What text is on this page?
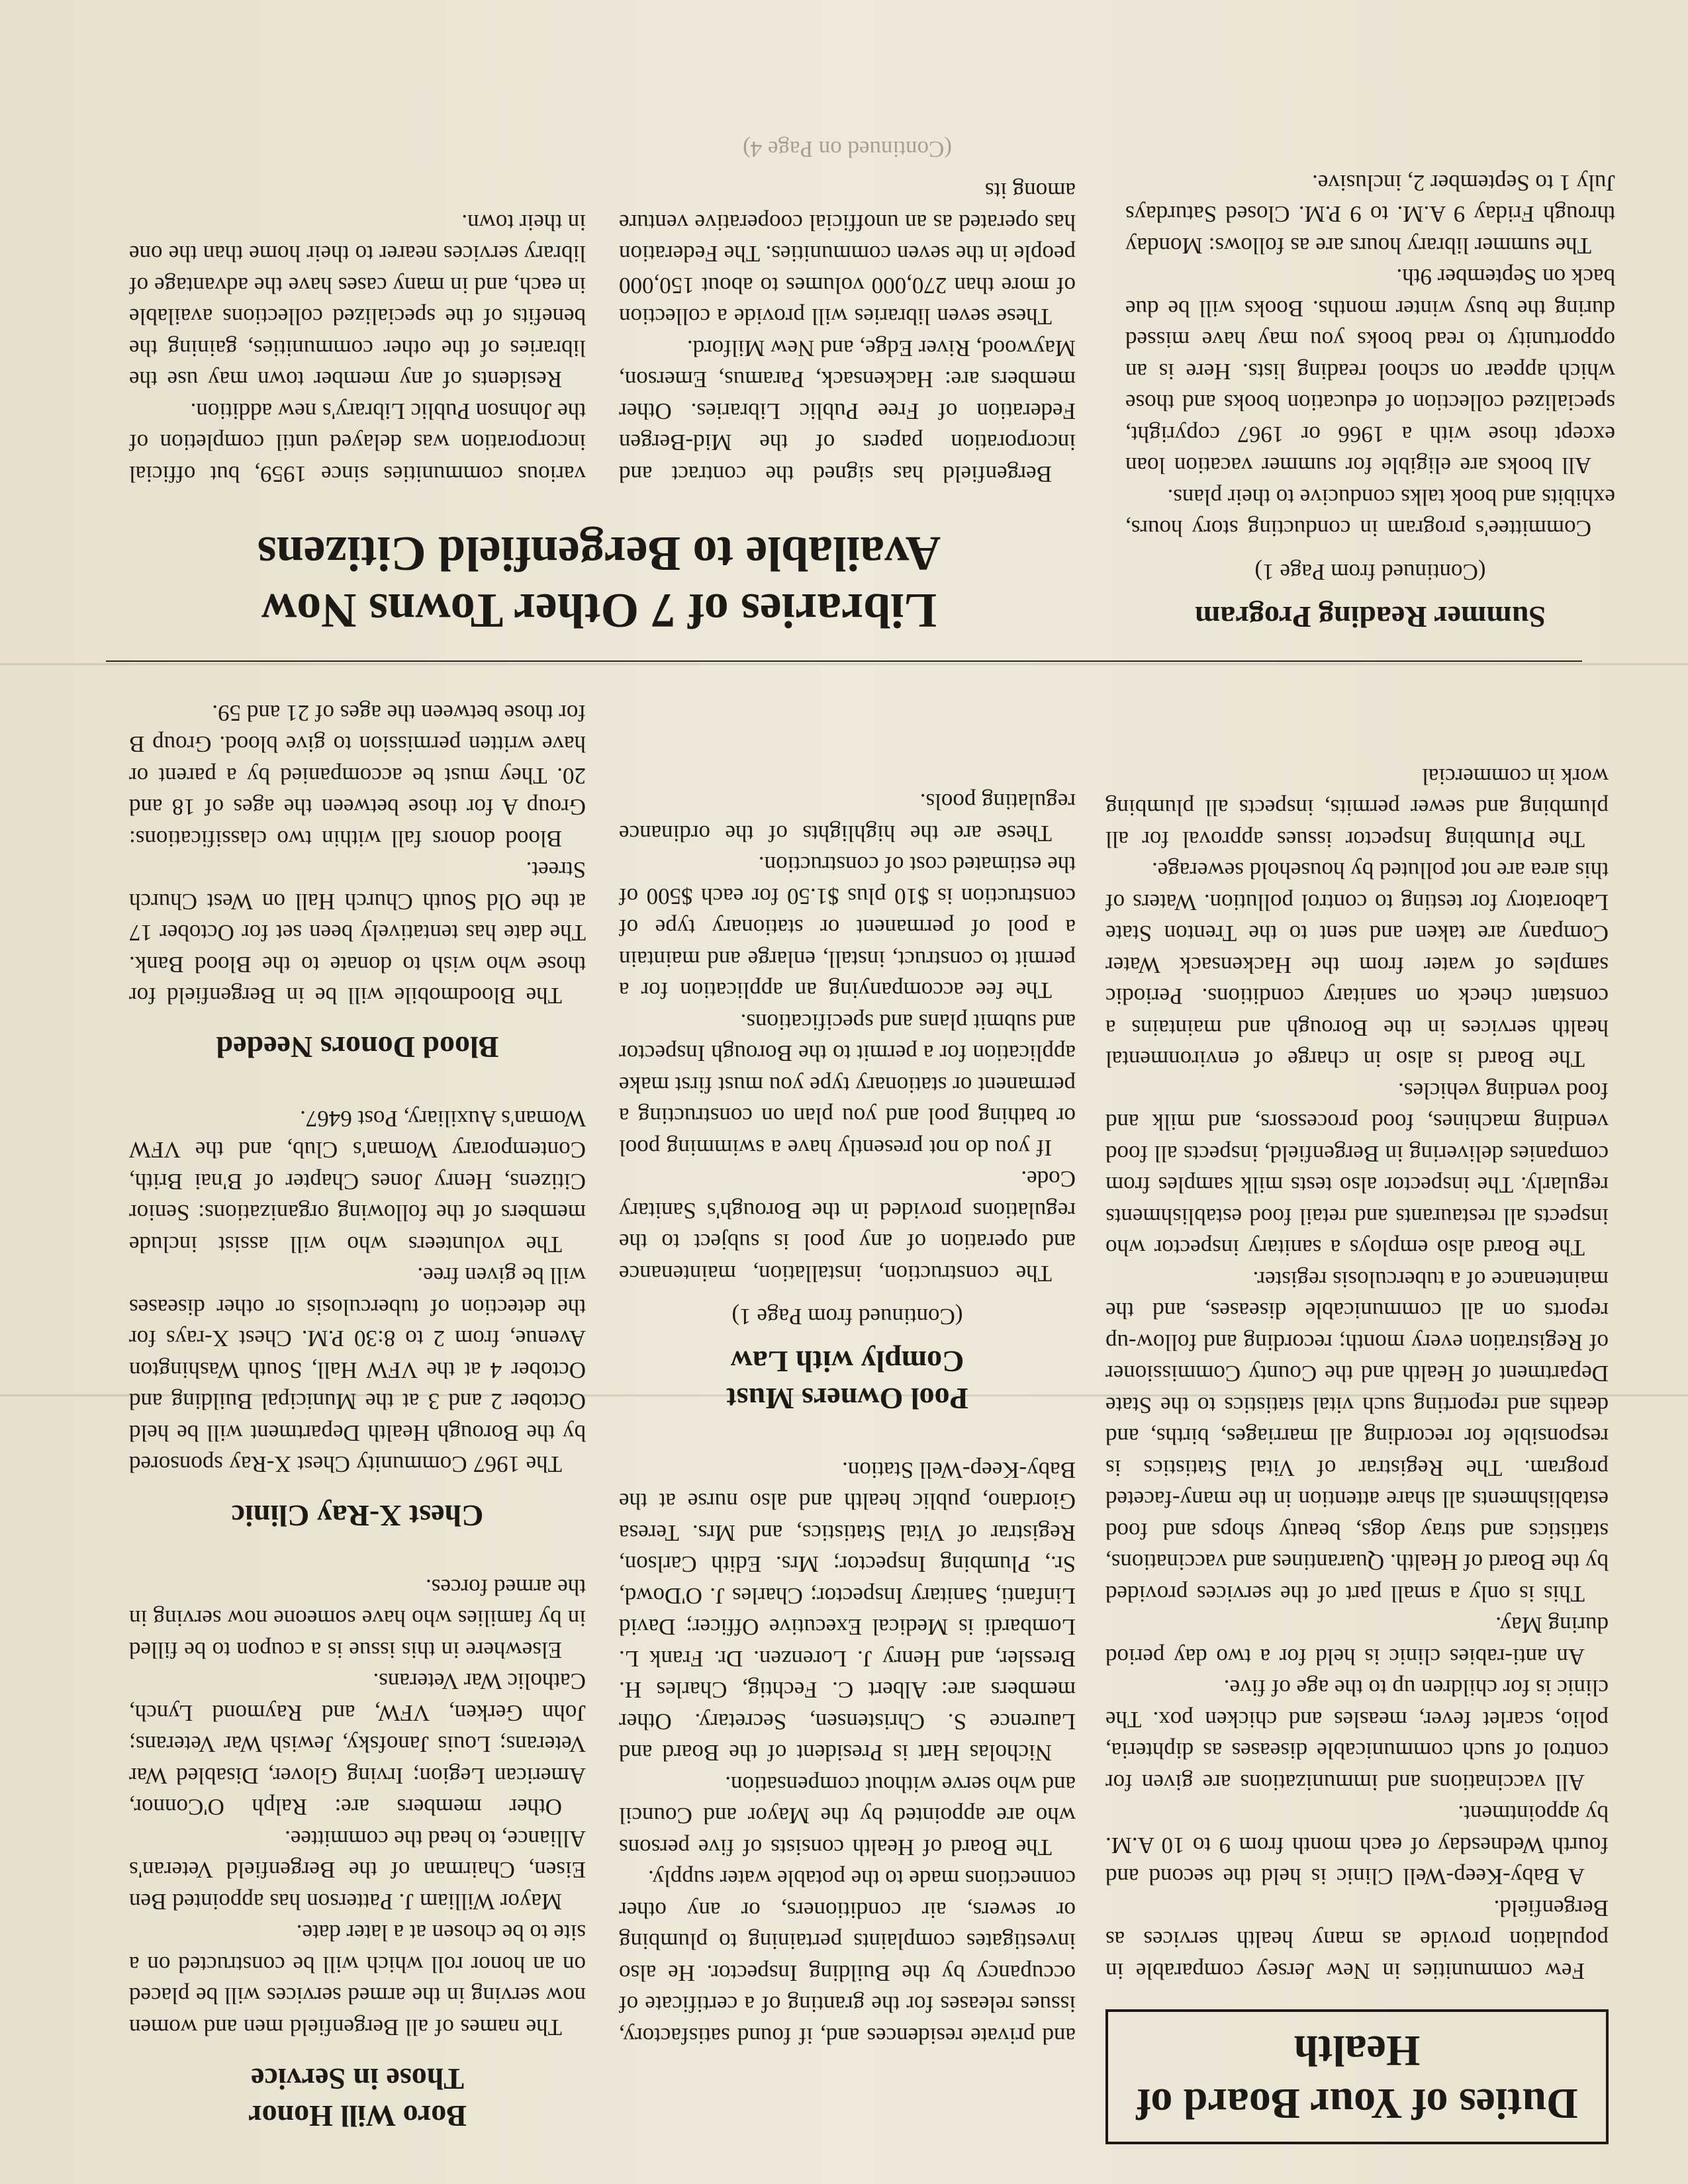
Duties of Your Board of Health

Few communities in New Jersey comparable in population provide as many health services as Bergenfield.

A Baby-Keep-Well Clinic is held the second and fourth Wednesday of each month from 9 to 10 A.M. by appointment.

All vaccinations and immunizations are given for control of such communicable diseases as diphteria, polio, scarlet fever, measles and chicken pox. The clinic is for children up to the age of five.

An anti-rabies clinic is held for a two day period during May.

This is only a small part of the services provided by the Board of Health. Quarantines and vaccinations, statistics and stray dogs, beauty shops and food establishments all share attention in the many-faceted program. The Registrar of Vital Statistics is responsible for recording all marriages, births, and deaths and reporting such vital statistics to the State Department of Health and the County Commissioner of Registration every month; recording and follow-up reports on all communicable diseases, and the maintenance of a tuberculosis register.

The Board also employs a sanitary inspector who inspects all restaurants and retail food establishments regularly. The inspector also tests milk samples from companies delivering in Bergenfield, inspects all food vending machines, food processors, and milk and food vending vehicles.

The Board is also in charge of environmental health services in the Borough and maintains a constant check on sanitary conditions. Periodic samples of water from the Hackensack Water Company are taken and sent to the Trenton State Laboratory for testing to control pollution. Waters of this area are not polluted by household sewerage.

The Plumbing Inspector issues approval for all plumbing and sewer permits, inspects all plumbing work in commercial

and private residences and, if found satisfactory, issues releases for the granting of a certificate of occupancy by the Building Inspector. He also investigates complaints pertaining to plumbing or sewers, air conditioners, or any other connections made to the potable water supply.

The Board of Health consists of five persons who are appointed by the Mayor and Council and who serve without compensation.

Nicholas Hart is President of the Board and Laurence S. Christensen, Secretary. Other members are: Albert C. Fechtig, Charles H. Bressler, and Henry J. Lorenzen. Dr. Frank L. Lombardi is Medical Executive Officer; David Linfanti, Sanitary Inspector; Charles J. O'Dowd, Sr., Plumbing Inspector; Mrs. Edith Carlson, Registrar of Vital Statistics, and Mrs. Teresa Giordano, public health and also nurse at the Baby-Keep-Well Station.

Pool Owners Must
Comply with Law
(Continued from Page 1)

The construction, installation, maintenance and operation of any pool is subject to the regulations provided in the Borough's Sanitary Code.

If you do not presently have a swimming pool or bathing pool and you plan on constructing a permanent or stationary type you must first make application for a permit to the Borough Inspector and submit plans and specifications.

The fee accompanying an application for a permit to construct, install, enlarge and maintain a pool of permanent or stationary type of construction is $10 plus $1.50 for each $500 of the estimated cost of construction.

These are the highlights of the ordinance regulating pools.

Boro Will Honor
Those in Service

The names of all Bergenfield men and women now serving in the armed services will be placed on an honor roll which will be constructed on a site to be chosen at a later date.

Mayor William J. Patterson has appointed Ben Eisen, Chairman of the Bergenfield Veteran's Alliance, to head the committee.

Other members are: Ralph O'Connor, American Legion; Irving Glover, Disabled War Veterans; Louis Janofsky, Jewish War Veterans; John Gerken, VFW, and Raymond Lynch, Catholic War Veterans.

Elsewhere in this issue is a coupon to be filled in by families who have someone now serving in the armed forces.

Chest X-Ray Clinic

The 1967 Community Chest X-Ray sponsored by the Borough Health Department will be held October 2 and 3 at the Municipal Building and October 4 at the VFW Hall, South Washington Avenue, from 2 to 8:30 P.M. Chest X-rays for the detection of tuberculosis or other diseases will be given free.

The volunteers who will assist include members of the following organizations: Senior Citizens, Henry Jones Chapter of B'nai Brith, Contemporary Woman's Club, and the VFW Woman's Auxiliary, Post 6467.

Blood Donors Needed

The Bloodmobile will be in Bergenfield for those who wish to donate to the Blood Bank. The date has tentatively been set for October 17 at the Old South Church Hall on West Church Street.

Blood donors fall within two classifications: Group A for those between the ages of 18 and 20. They must be accompanied by a parent or have written permission to give blood. Group B for those between the ages of 21 and 59.

Summer Reading Program
(Continued from Page 1)

Committee's program in conducting story hours, exhibits and book talks conducive to their plans.

All books are eligible for summer vacation loan except those with a 1966 or 1967 copyright, specialized collection of education books and those which appear on school reading lists. Here is an opportunity to read books you may have missed during the busy winter months. Books will be due back on September 9th.

The summer library hours are as follows: Monday through Friday 9 A.M. to 9 P.M. Closed Saturdays July 1 to September 2, inclusive.

Libraries of 7 Other Towns Now
Available to Bergenfield Citizens

Bergenfield has signed the contract and incorporation papers of the Mid-Bergen Federation of Free Public Libraries. Other members are: Hackensack, Paramus, Emerson, Maywood, River Edge, and New Milford.

These seven libraries will provide a collection of more than 270,000 volumes to about 150,000 people in the seven communities. The Federation has operated as an unofficial cooperative venture among its

(Continued on Page 4)

various communities since 1959, but official incorporation was delayed until completion of the Johnson Public Library's new addition.

Residents of any member town may use the libraries of the other communities, gaining the benefits of the specialized collections available in each, and in many cases have the advantage of library services nearer to their home than the one in their town.
